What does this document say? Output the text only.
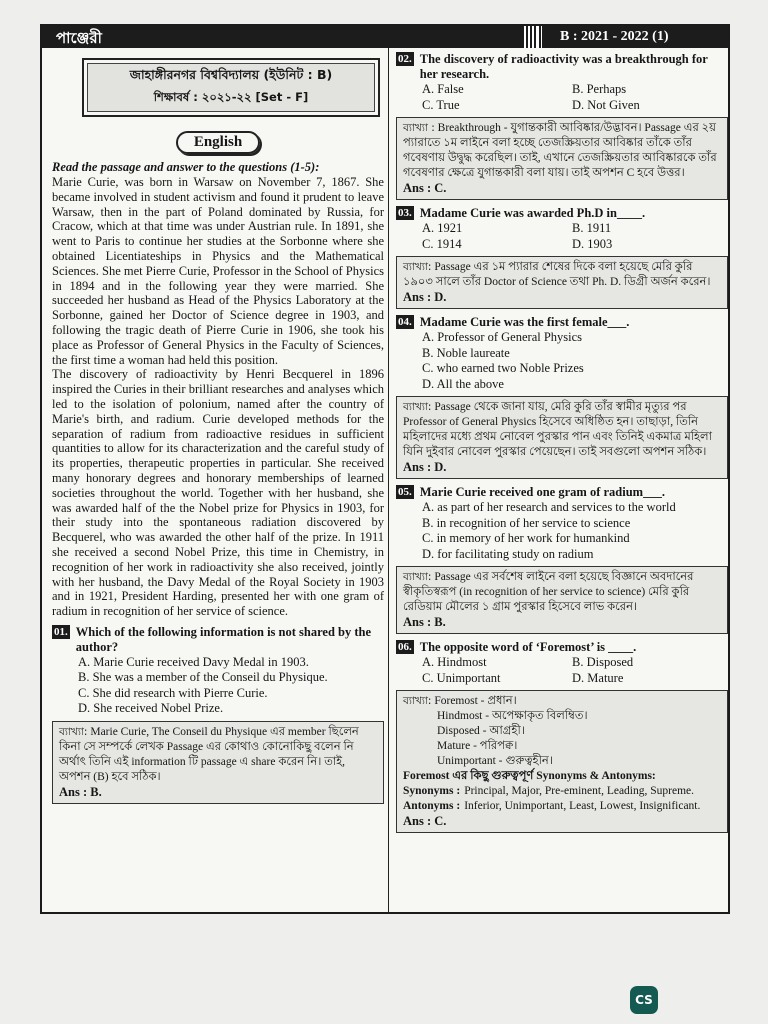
পাঞ্জেরী	B : 2021 - 2022 (1)
জাহাঙ্গীরনগর বিশ্ববিদ্যালয় (ইউনিট : B)
শিক্ষাবর্ষ : ২০২১-২২ [Set - F]
English
Read the passage and answer to the questions (1-5):

Marie Curie, was born in Warsaw on November 7, 1867. She became involved in student activism and found it prudent to leave Warsaw, then in the part of Poland dominated by Russia, for Cracow, which at that time was under Austrian rule. In 1891, she went to Paris to continue her studies at the Sorbonne where she obtained Licentiateships in Physics and the Mathematical Sciences. She met Pierre Curie, Professor in the School of Physics in 1894 and in the following year they were married. She succeeded her husband as Head of the Physics Laboratory at the Sorbonne, gained her Doctor of Science degree in 1903, and following the tragic death of Pierre Curie in 1906, she took his place as Professor of General Physics in the Faculty of Sciences, the first time a woman had held this position.

The discovery of radioactivity by Henri Becquerel in 1896 inspired the Curies in their brilliant researches and analyses which led to the isolation of polonium, named after the country of Marie's birth, and radium. Curie developed methods for the separation of radium from radioactive residues in sufficient quantities to allow for its characterization and the careful study of its properties, therapeutic properties in particular. She received many honorary degrees and honorary memberships of learned societies throughout the world. Together with her husband, she was awarded half of the the Nobel prize for Physics in 1903, for their study into the spontaneous radiation discovered by Becquerel, who was awarded the other half of the prize. In 1911 she received a second Nobel Prize, this time in Chemistry, in recognition of her work in radioactivity she also received, jointly with her husband, the Davy Medal of the Royal Society in 1903 and in 1921, President Harding, presented her with one gram of radium in recognition of her service of science.

01. Which of the following information is not shared by the author?
A. Marie Curie received Davy Medal in 1903.
B. She was a member of the Conseil du Physique.
C. She did research with Pierre Curie.
D. She received Nobel Prize.
ব্যাখ্যা: Marie Curie, The Conseil du Physique এর member ছিলেন কিনা সে সম্পর্কে লেখক Passage এর কোথাও কোনোকিছু বলেন নি অর্থাৎ তিনি এই information টি passage এ share করেন নি। তাই, অপশন (B) হবে সঠিক।
Ans : B.
02. The discovery of radioactivity was a breakthrough for her research.
A. False	B. Perhaps
C. True	D. Not Given
ব্যাখ্যা : Breakthrough - যুগান্তকারী আবিষ্কার/উদ্ভাবন। Passage এর ২য় প্যারাতে ১ম লাইনে বলা হচ্ছে তেজস্ক্রিয়তার আবিষ্কার তাঁকে তাঁর গবেষণায় উদ্বুদ্ধ করেছিল। তাই, এখানে তেজস্ক্রিয়তার আবিষ্কারকে তাঁর গবেষণার ক্ষেত্রে যুগান্তকারী বলা যায়। তাই অপশন C হবে উত্তর।
Ans : C.
03. Madame Curie was awarded Ph.D in____.
A. 1921	B. 1911
C. 1914	D. 1903
ব্যাখ্যা: Passage এর ১ম প্যারার শেষের দিকে বলা হয়েছে মেরি কুরি ১৯০৩ সালে তাঁর Doctor of Science তথা Ph. D. ডিগ্রী অর্জন করেন।
Ans : D.
04. Madame Curie was the first female___.
A. Professor of General Physics
B. Noble laureate
C. who earned two Noble Prizes
D. All the above
ব্যাখ্যা: Passage থেকে জানা যায়, মেরি কুরি তাঁর স্বামীর মৃত্যুর পর Professor of General Physics হিসেবে অধিষ্ঠিত হন। তাছাড়া, তিনি মহিলাদের মধ্যে প্রথম নোবেল পুরস্কার পান এবং তিনিই একমাত্র মহিলা যিনি দুইবার নোবেল পুরস্কার পেয়েছেন। তাই সবগুলো অপশন সঠিক।
Ans : D.
05. Marie Curie received one gram of radium___.
A. as part of her research and services to the world
B. in recognition of her service to science
C. in memory of her work for humankind
D. for facilitating study on radium
ব্যাখ্যা: Passage এর সর্বশেষ লাইনে বলা হয়েছে বিজ্ঞানে অবদানের স্বীকৃতিস্বরূপ (in recognition of her service to science) মেরি কুরি রেডিয়াম মৌলের ১ গ্রাম পুরস্কার হিসেবে লাভ করেন।
Ans : B.
06. The opposite word of ‘Foremost’ is ____.
A. Hindmost	B. Disposed
C. Unimportant	D. Mature
ব্যাখ্যা: Foremost - প্রধান।
Hindmost - অপেক্ষাকৃত বিলম্বিত।
Disposed - আগ্রহী।
Mature - পরিপক্ব।
Unimportant - গুরুত্বহীন।
Foremost এর কিছু গুরুত্বপূর্ণ Synonyms & Antonyms:
Synonyms : Principal, Major, Pre-eminent, Leading, Supreme.
Antonyms : Inferior, Unimportant, Least, Lowest, Insignificant.
Ans : C.
CS
